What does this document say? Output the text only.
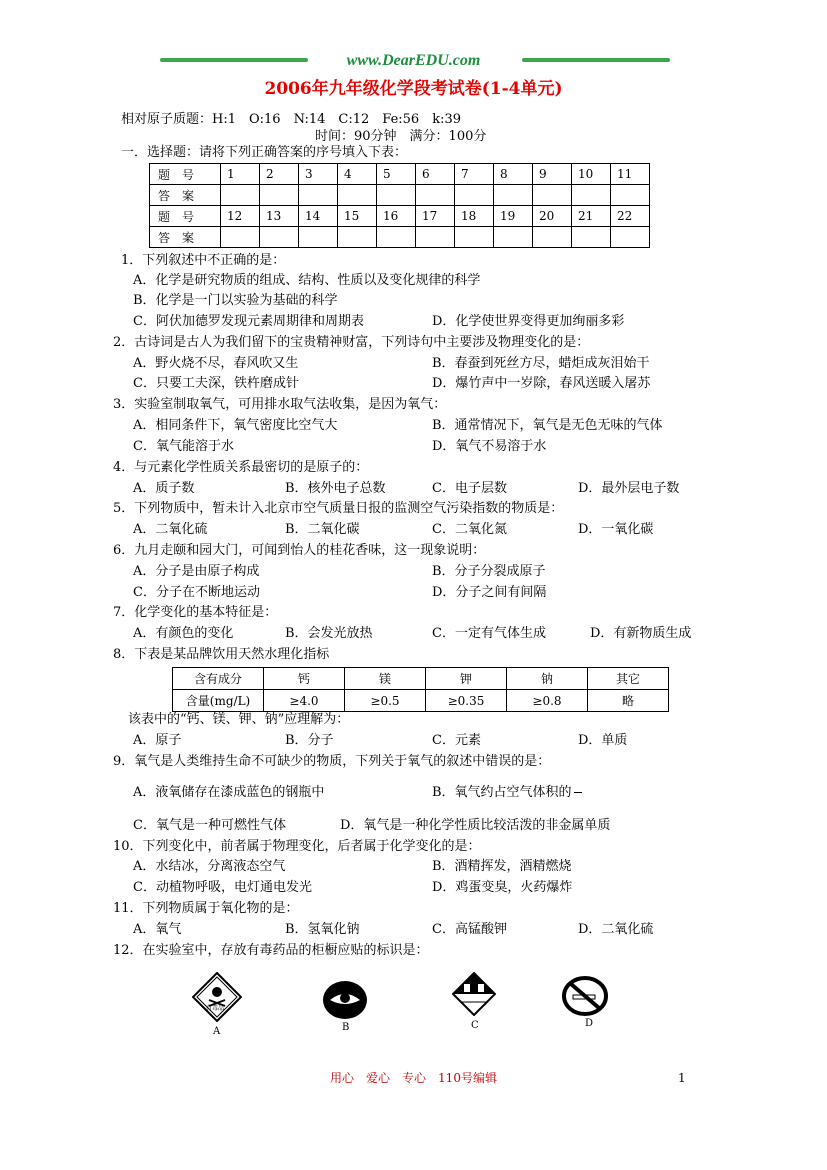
www.DearEDU.com
2006年九年级化学段考试卷(1-4单元)
相对原子质题：H:1　O:16　N:14　C:12　Fe:56　k:39
时间：90分钟　满分：100分
一．选择题：请将下列正确答案的序号填入下表：
题　号	1	2	3	4	5	6	7	8	9	10	11
答　案											
题　号	12	13	14	15	16	17	18	19	20	21	22
答　案											
1．下列叙述中不正确的是：
A．化学是研究物质的组成、结构、性质以及变化规律的科学
B．化学是一门以实验为基础的科学
C．阿伏加德罗发现元素周期律和周期表	D．化学使世界变得更加绚丽多彩
2．古诗词是古人为我们留下的宝贵精神财富，下列诗句中主要涉及物理变化的是：
A．野火烧不尽，春风吹又生	B．春蚕到死丝方尽，蜡炬成灰泪始干
C．只要工夫深，铁杵磨成针	D．爆竹声中一岁除，春风送暖入屠苏
3．实验室制取氧气，可用排水取气法收集，是因为氧气：
A．相同条件下，氧气密度比空气大	B．通常情况下，氧气是无色无味的气体
C．氧气能溶于水	D．氧气不易溶于水
4．与元素化学性质关系最密切的是原子的：
A．质子数	B．核外电子总数	C．电子层数	D．最外层电子数
5．下列物质中，暂未计入北京市空气质量日报的监测空气污染指数的物质是：
A．二氧化硫	B．二氧化碳	C．二氧化氮	D．一氧化碳
6．九月走颐和园大门，可闻到怡人的桂花香味，这一现象说明：
A．分子是由原子构成	B．分子分裂成原子
C．分子在不断地运动	D．分子之间有间隔
7．化学变化的基本特征是：
A．有颜色的变化	B．会发光放热	C．一定有气体生成	D．有新物质生成
8．下表是某品牌饮用天然水理化指标
含有成分	钙	镁	钾	钠	其它
含量(mg/L)	≥4.0	≥0.5	≥0.35	≥0.8	略
该表中的“钙、镁、钾、钠”应理解为：
A．原子	B．分子	C．元素	D．单质
9．氧气是人类维持生命不可缺少的物质，下列关于氧气的叙述中错误的是：
A．液氧储存在漆成蓝色的钢瓶中	B．氧气约占空气体积的
C．氧气是一种可燃性气体	D．氧气是一种化学性质比较活泼的非金属单质
10．下列变化中，前者属于物理变化，后者属于化学变化的是：
A．水结冰，分离液态空气	B．酒精挥发，酒精燃烧
C．动植物呼吸，电灯通电发光	D．鸡蛋变臭，火药爆炸
11．下列物质属于氧化物的是：
A．氧气	B．氢氧化钠	C．高锰酸钾	D．二氧化硫
12．在实验室中，存放有毒药品的柜橱应贴的标识是：
有毒品
A	B	C	D
用心　爱心　专心　110号编辑	1
